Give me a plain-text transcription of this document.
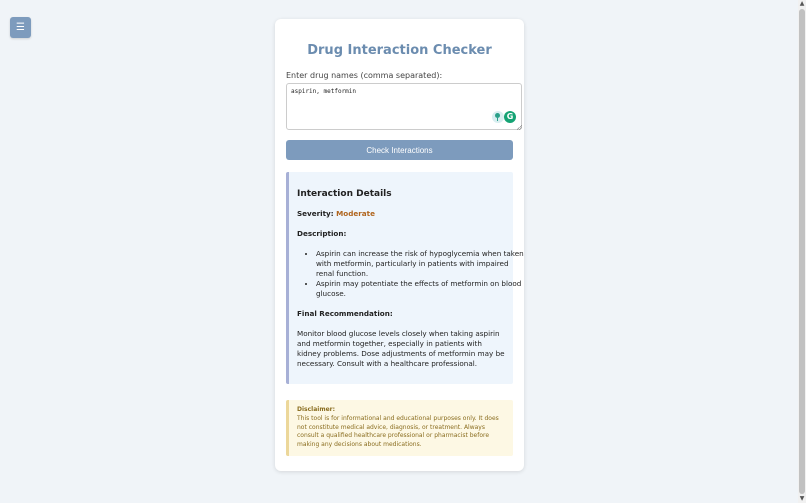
☰
Drug Interaction Checker
Enter drug names (comma separated):
aspirin, metformin
G
Check Interactions
Interaction Details
Severity: Moderate
Description:
• Aspirin can increase the risk of hypoglycemia when taken with metformin, particularly in patients with impaired renal function.
• Aspirin may potentiate the effects of metformin on blood glucose.
Final Recommendation:
Monitor blood glucose levels closely when taking aspirin and metformin together, especially in patients with kidney problems. Dose adjustments of metformin may be necessary. Consult with a healthcare professional.
Disclaimer:
This tool is for informational and educational purposes only. It does not constitute medical advice, diagnosis, or treatment. Always consult a qualified healthcare professional or pharmacist before making any decisions about medications.
▲
▼
